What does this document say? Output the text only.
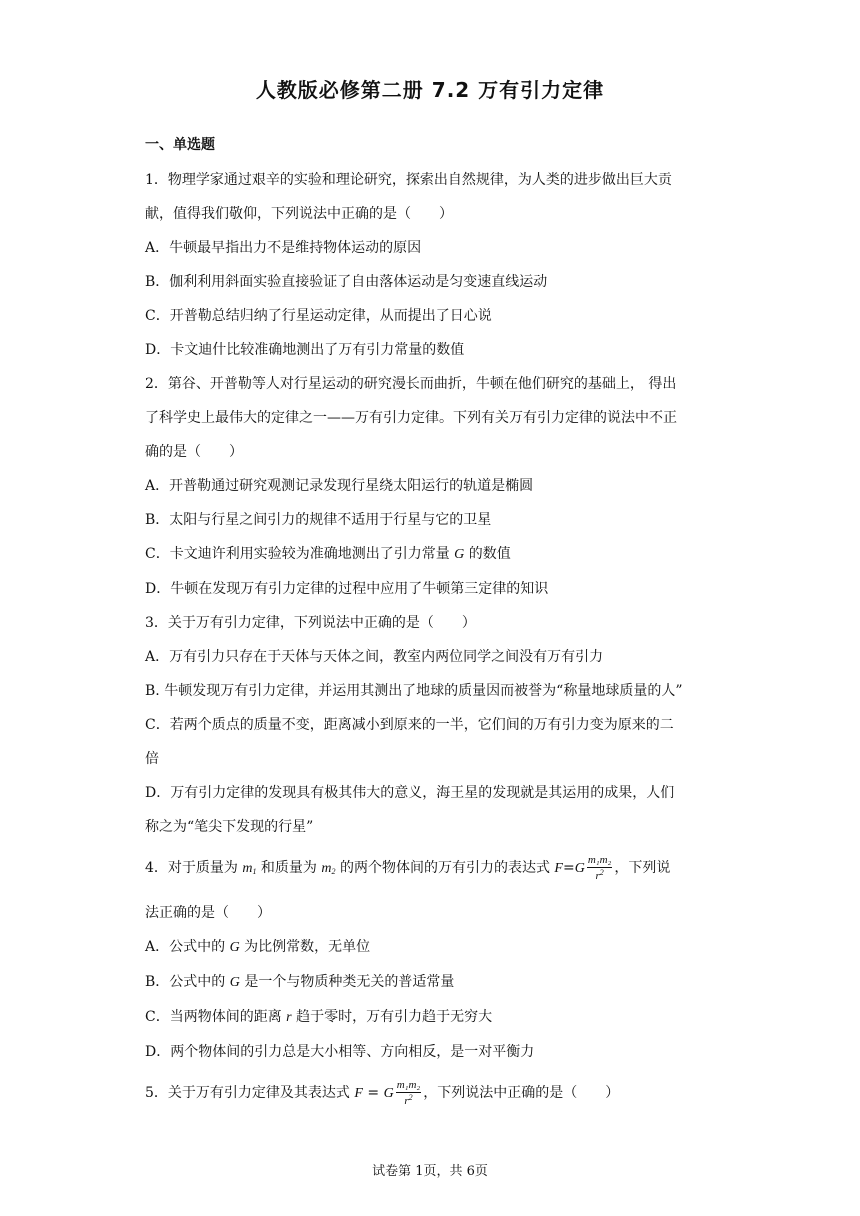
人教版必修第二册 7.2 万有引力定律
一、单选题
1．物理学家通过艰辛的实验和理论研究，探索出自然规律，为人类的进步做出巨大贡
献，值得我们敬仰，下列说法中正确的是（　　）
A．牛顿最早指出力不是维持物体运动的原因
B．伽利利用斜面实验直接验证了自由落体运动是匀变速直线运动
C．开普勒总结归纳了行星运动定律，从而提出了日心说
D．卡文迪什比较准确地测出了万有引力常量的数值
2．第谷、开普勒等人对行星运动的研究漫长而曲折，牛顿在他们研究的基础上， 得出
了科学史上最伟大的定律之一——万有引力定律。下列有关万有引力定律的说法中不正
确的是（　　）
A．开普勒通过研究观测记录发现行星绕太阳运行的轨道是椭圆
B．太阳与行星之间引力的规律不适用于行星与它的卫星
C．卡文迪许利用实验较为准确地测出了引力常量 G 的数值
D．牛顿在发现万有引力定律的过程中应用了牛顿第三定律的知识
3．关于万有引力定律，下列说法中正确的是（　　）
A．万有引力只存在于天体与天体之间，教室内两位同学之间没有万有引力
B. 牛顿发现万有引力定律，并运用其测出了地球的质量因而被誉为“称量地球质量的人”
C．若两个质点的质量不变，距离减小到原来的一半，它们间的万有引力变为原来的二
倍
D．万有引力定律的发现具有极其伟大的意义，海王星的发现就是其运用的成果，人们
称之为“笔尖下发现的行星”
4．对于质量为 $m_1$ 和质量为 $m_2$ 的两个物体间的万有引力的表达式 $F=G \frac{\text{m₁m₂}}{r^2}$ ，下列说
法正确的是（　　）
A．公式中的 G 为比例常数，无单位
B．公式中的 G 是一个与物质种类无关的普适常量
C．当两物体间的距离 r 趋于零时，万有引力趋于无穷大
D．两个物体间的引力总是大小相等、方向相反，是一对平衡力
5．关于万有引力定律及其表达式 F = G $\frac{\text{m₁m₂}}{r^2}$ ，下列说法中正确的是（　　）
试卷第 1页，共 6页
